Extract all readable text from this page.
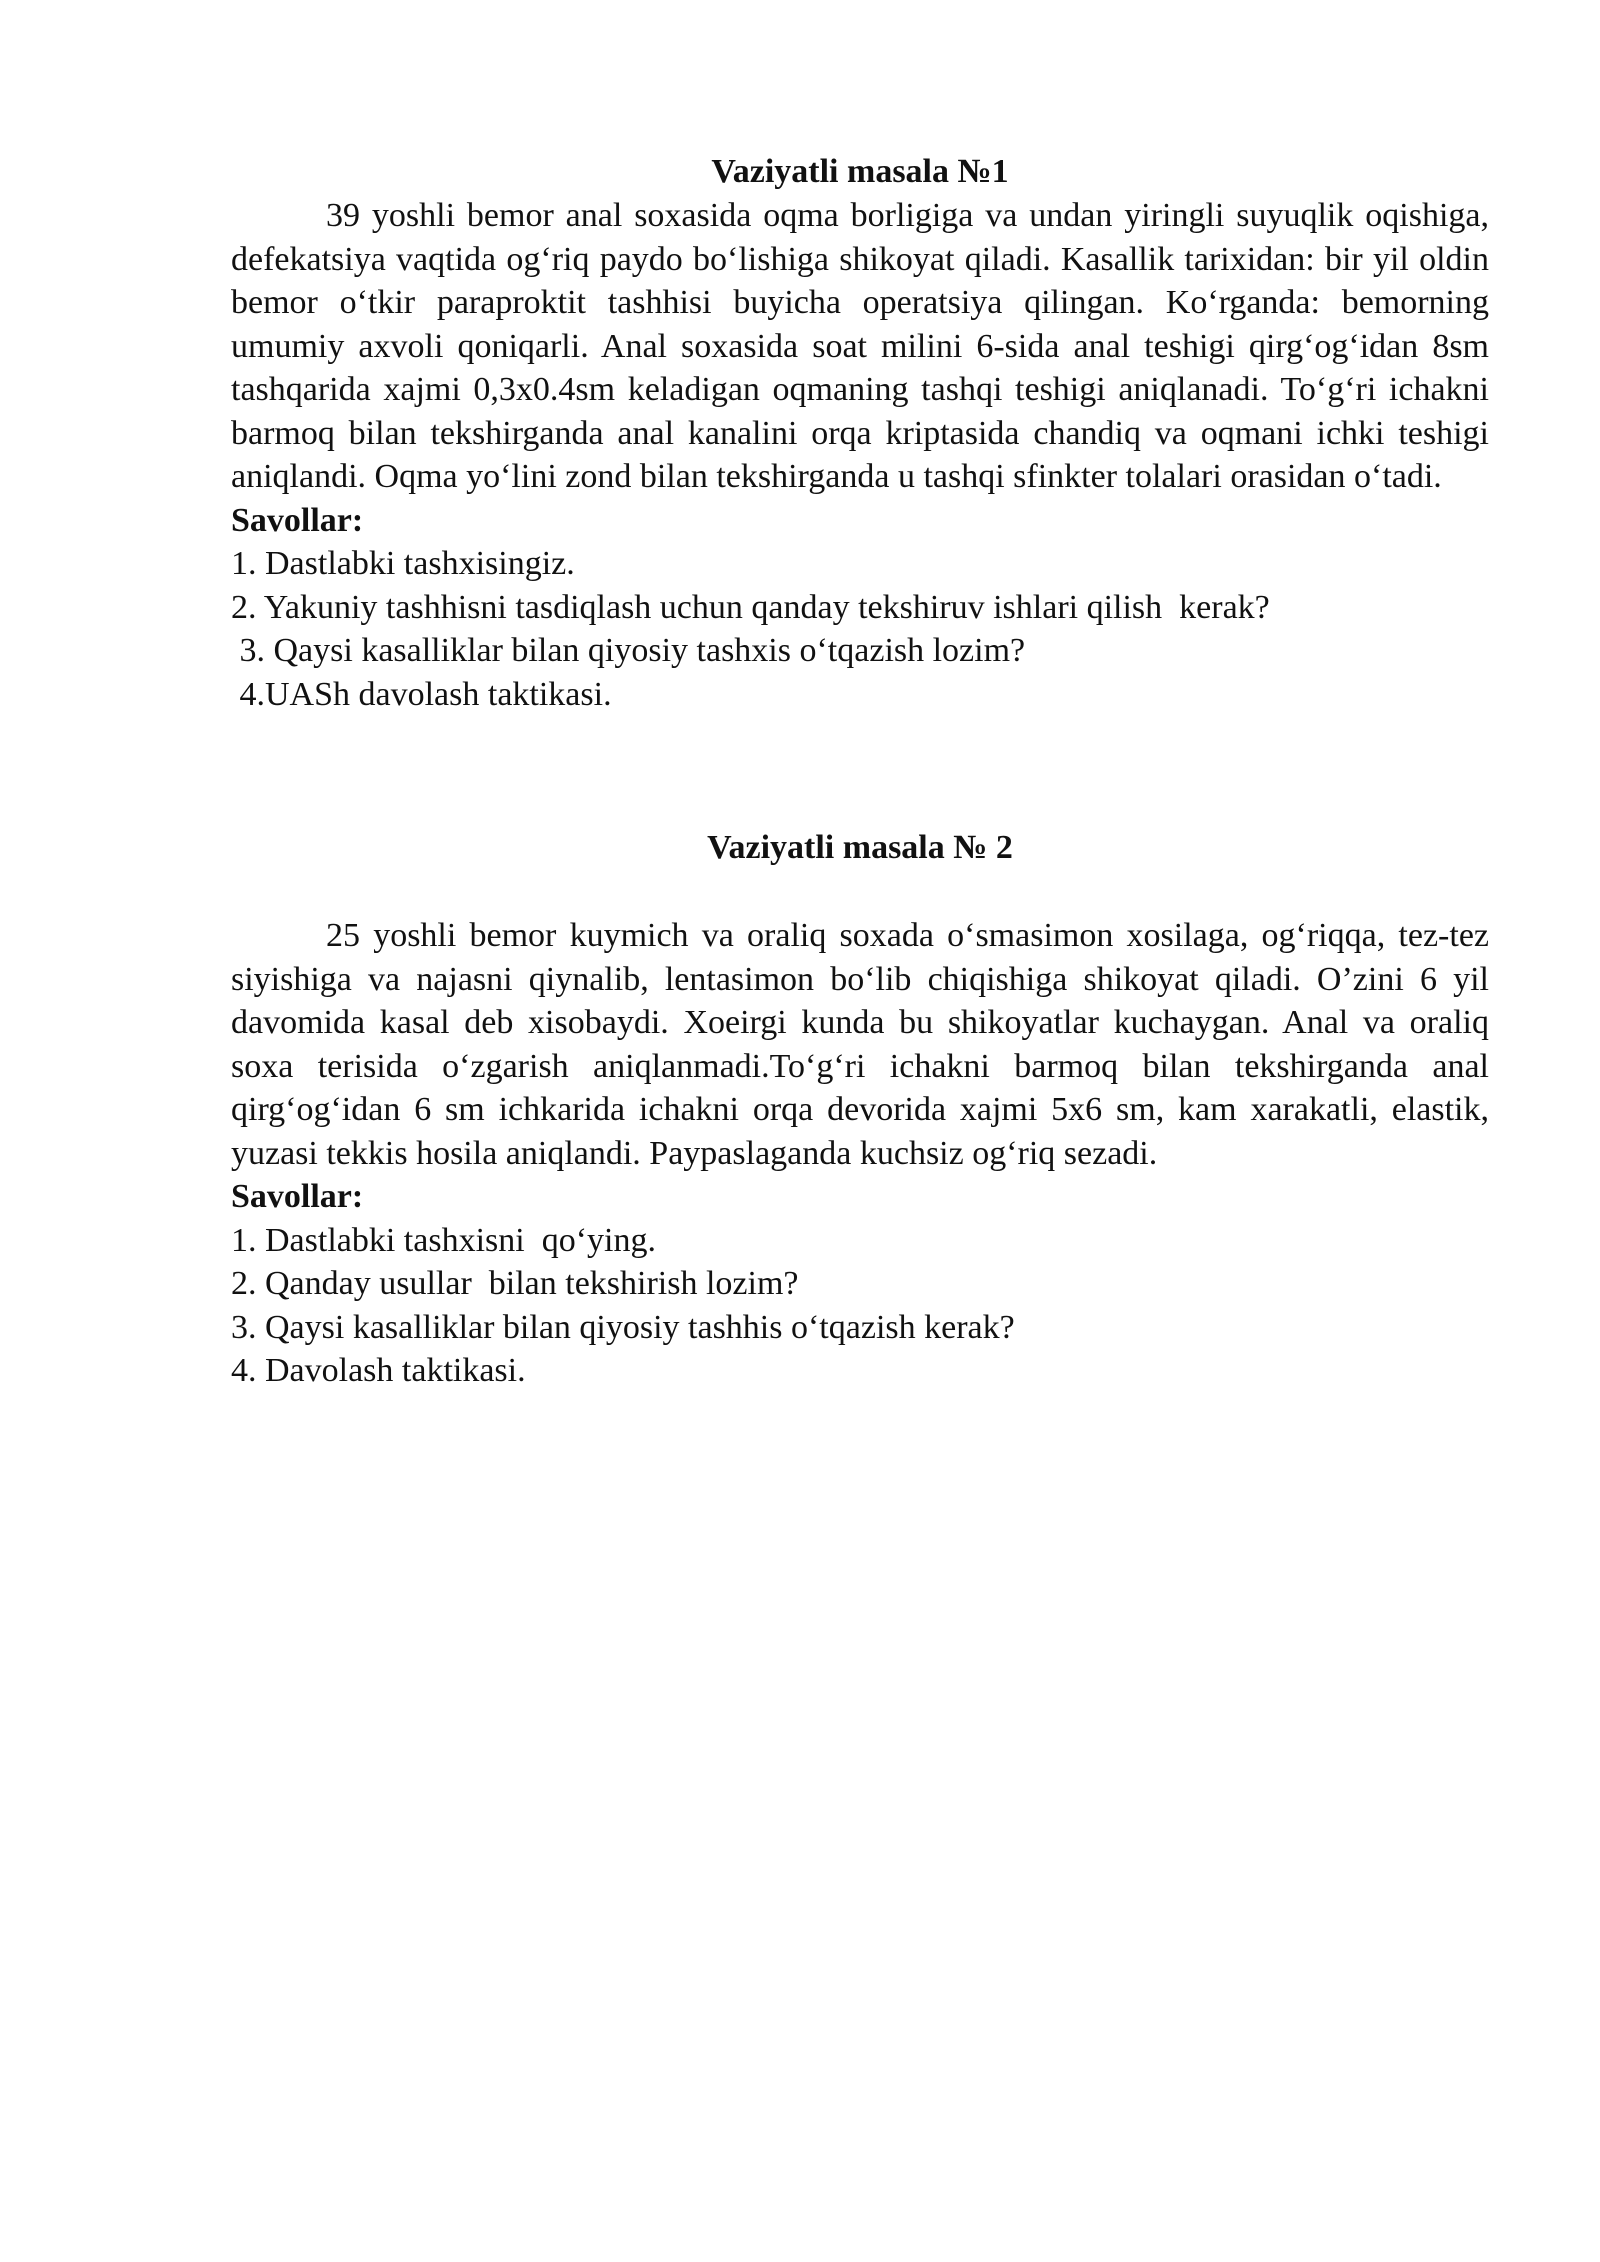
Vaziyatli masala №1

39 yoshli bemor anal soxasida oqma borligiga va undan yiringli suyuqlik oqishiga, defekatsiya vaqtida og‘riq paydo bo‘lishiga shikoyat qiladi. Kasallik tarixidan: bir yil oldin bemor o‘tkir paraproktit tashhisi buyicha operatsiya qilingan. Ko‘rganda: bemorning umumiy axvoli qoniqarli. Anal soxasida soat milini 6-sida anal teshigi qirg‘og‘idan 8sm tashqarida xajmi 0,3x0.4sm keladigan oqmaning tashqi teshigi aniqlanadi. To‘g‘ri ichakni barmoq bilan tekshirganda anal kanalini orqa kriptasida chandiq va oqmani ichki teshigi aniqlandi. Oqma yo‘lini zond bilan tekshirganda u tashqi sfinkter tolalari orasidan o‘tadi.

Savollar:

1. Dastlabki tashxisingiz.
2. Yakuniy tashhisni tasdiqlash uchun qanday tekshiruv ishlari qilish  kerak?
3. Qaysi kasalliklar bilan qiyosiy tashxis o‘tqazish lozim?
4.UASh davolash taktikasi.
Vaziyatli masala № 2

25 yoshli bemor kuymich va oraliq soxada o‘smasimon xosilaga, og‘riqqa, tez-tez siyishiga va najasni qiynalib, lentasimon bo‘lib chiqishiga shikoyat qiladi. O’zini 6 yil davomida kasal deb xisobaydi. Xoeirgi kunda bu shikoyatlar kuchaygan. Anal va oraliq soxa terisida o‘zgarish aniqlanmadi.To‘g‘ri ichakni barmoq bilan tekshirganda anal qirg‘og‘idan 6 sm ichkarida ichakni orqa devorida xajmi 5x6 sm, kam xarakatli, elastik, yuzasi tekkis hosila aniqlandi. Paypaslaganda kuchsiz og‘riq sezadi.

Savollar:

1. Dastlabki tashxisni  qo‘ying.
2. Qanday usullar  bilan tekshirish lozim?
3. Qaysi kasalliklar bilan qiyosiy tashhis o‘tqazish kerak?
4. Davolash taktikasi.
